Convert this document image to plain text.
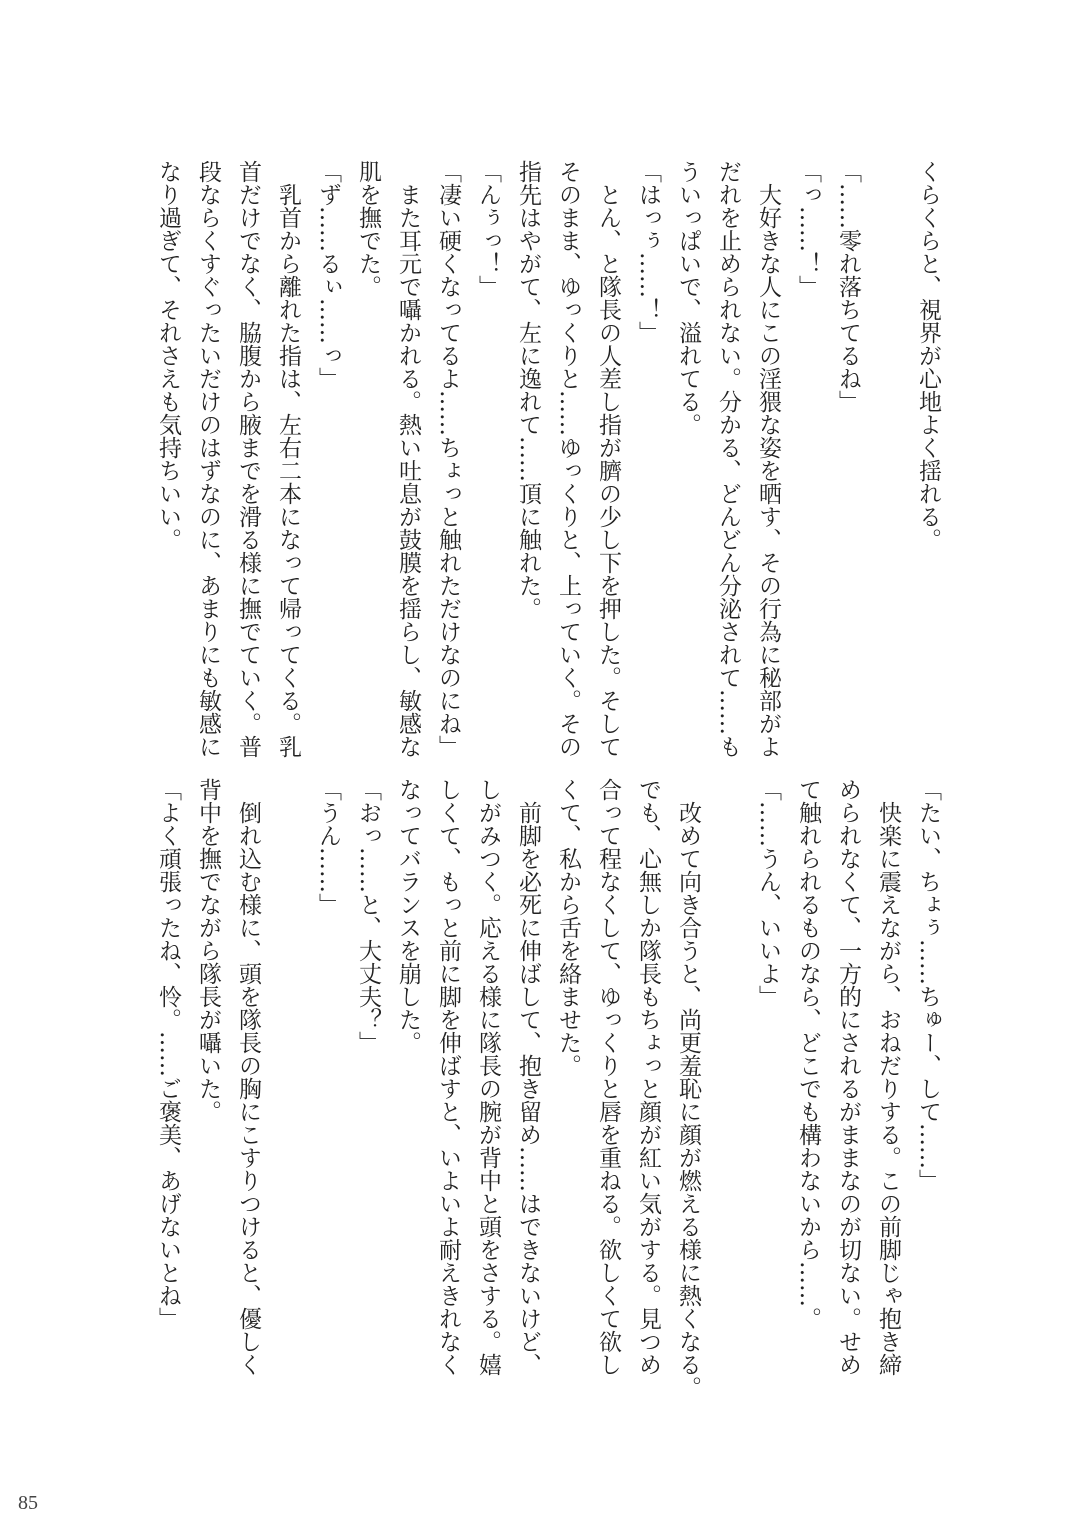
くらくらと、視界が心地よく揺れる。

「……零れ落ちてるね」
「っ……！」
　大好きな人にこの淫猥な姿を晒す、その行為に秘部がよ
だれを止められない。分かる、どんどん分泌されて……も
ういっぱいで、溢れてる。
「はっぅ……！」
　とん、と隊長の人差し指が臍の少し下を押した。そして
そのまま、ゆっくりと……ゆっくりと、上っていく。その
指先はやがて、左に逸れて……頂に触れた。
「んぅっ！」
「凄い硬くなってるよ……ちょっと触れただけなのにね」
　また耳元で囁かれる。熱い吐息が鼓膜を揺らし、敏感な
肌を撫でた。
「ず……るぃ……っ」
　乳首から離れた指は、左右二本になって帰ってくる。乳
首だけでなく、脇腹から腋までを滑る様に撫でていく。普
段ならくすぐったいだけのはずなのに、あまりにも敏感に
なり過ぎて、それさえも気持ちいい。
「たい、ちょぅ……ちゅー、して……」
　快楽に震えながら、おねだりする。この前脚じゃ抱き締
められなくて、一方的にされるがままなのが切ない。せめ
て触れられるものなら、どこでも構わないから……。
「……うん、いいよ」

　改めて向き合うと、尚更羞恥に顔が燃える様に熱くなる。
でも、心無しか隊長もちょっと顔が紅い気がする。見つめ
合って程なくして、ゆっくりと唇を重ねる。欲しくて欲し
くて、私から舌を絡ませた。
　前脚を必死に伸ばして、抱き留め……はできないけど、
しがみつく。応える様に隊長の腕が背中と頭をさする。嬉
しくて、もっと前に脚を伸ばすと、いよいよ耐えきれなく
なってバランスを崩した。
「おっ……と、大丈夫？」
「うん……」

　倒れ込む様に、頭を隊長の胸にこすりつけると、優しく
背中を撫でながら隊長が囁いた。
「よく頑張ったね、怜。……ご褒美、あげないとね」
85
